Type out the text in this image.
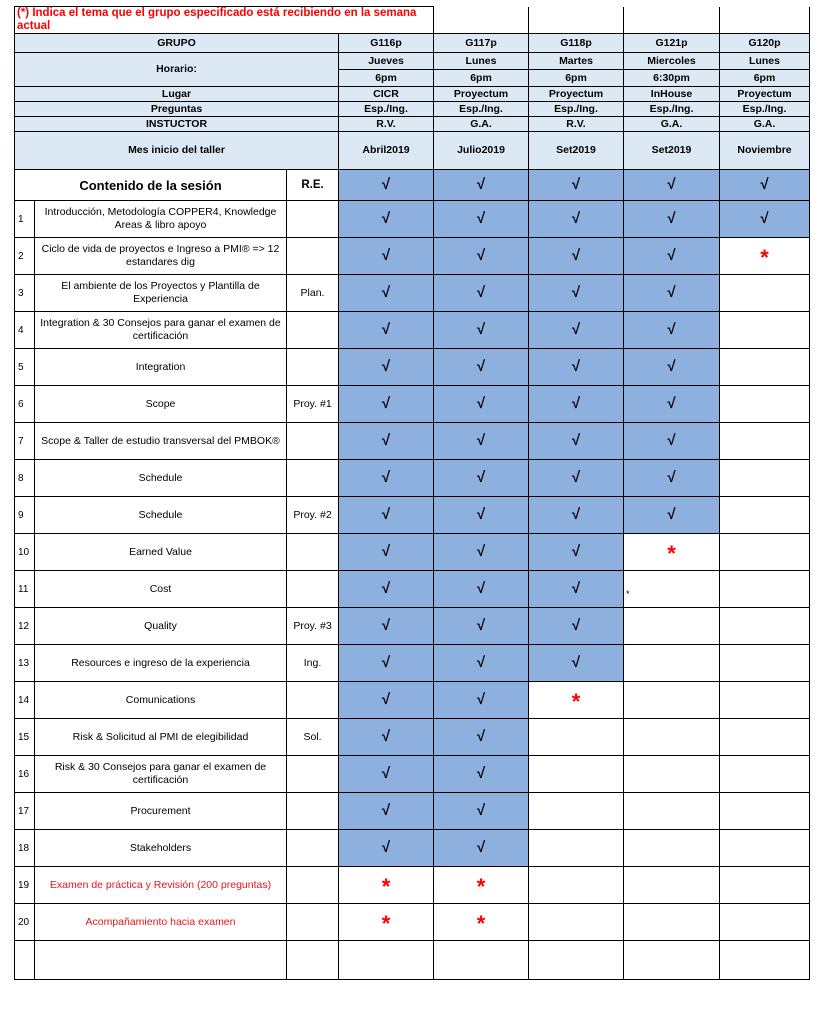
(*) Indica el tema que el grupo especificado está recibiendo en la semana actual							
GRUPO			G116p	G117p	G118p	G121p	G120p
Horario:			Jueves	Lunes	Martes	Miercoles	Lunes
			6pm	6pm	6pm	6:30pm	6pm
Lugar			CICR	Proyectum	Proyectum	InHouse	Proyectum
Preguntas			Esp./Ing.	Esp./Ing.	Esp./Ing.	Esp./Ing.	Esp./Ing.
INSTUCTOR			R.V.	G.A.	R.V.	G.A.	G.A.
Mes inicio del taller			Abril2019	Julio2019	Set2019	Set2019	Noviembre
Contenido de la sesión		R.E.	√	√	√	√	√
1	Introducción, Metodología COPPER4, Knowledge Areas & libro apoyo		√	√	√	√	√
2	Ciclo de vida de proyectos e Ingreso a PMI® => 12 estandares dig		√	√	√	√	*
3	El ambiente de los Proyectos y Plantilla de Experiencia	Plan.	√	√	√	√	
4	Integration & 30 Consejos para ganar el examen de certificación		√	√	√	√	
5	Integration		√	√	√	√	
6	Scope	Proy. #1	√	√	√	√	
7	Scope & Taller de estudio transversal del PMBOK®		√	√	√	√	
8	Schedule		√	√	√	√	
9	Schedule	Proy. #2	√	√	√	√	
10	Earned Value		√	√	√	*	
11	Cost		√	√	√	*	

12	Quality	Proy. #3	√	√	√		
13	Resources e ingreso de la experiencia	Ing.	√	√	√		
14	Comunications		√	√	*		
15	Risk & Solicitud al PMI de elegibilidad	Sol.	√	√			
16	Risk & 30 Consejos para ganar el examen de certificación		√	√			
17	Procurement		√	√			
18	Stakeholders		√	√			
19	Examen de práctica y Revisión (200 preguntas)		*	*			
20	Acompañamiento hacia examen		*	*			
